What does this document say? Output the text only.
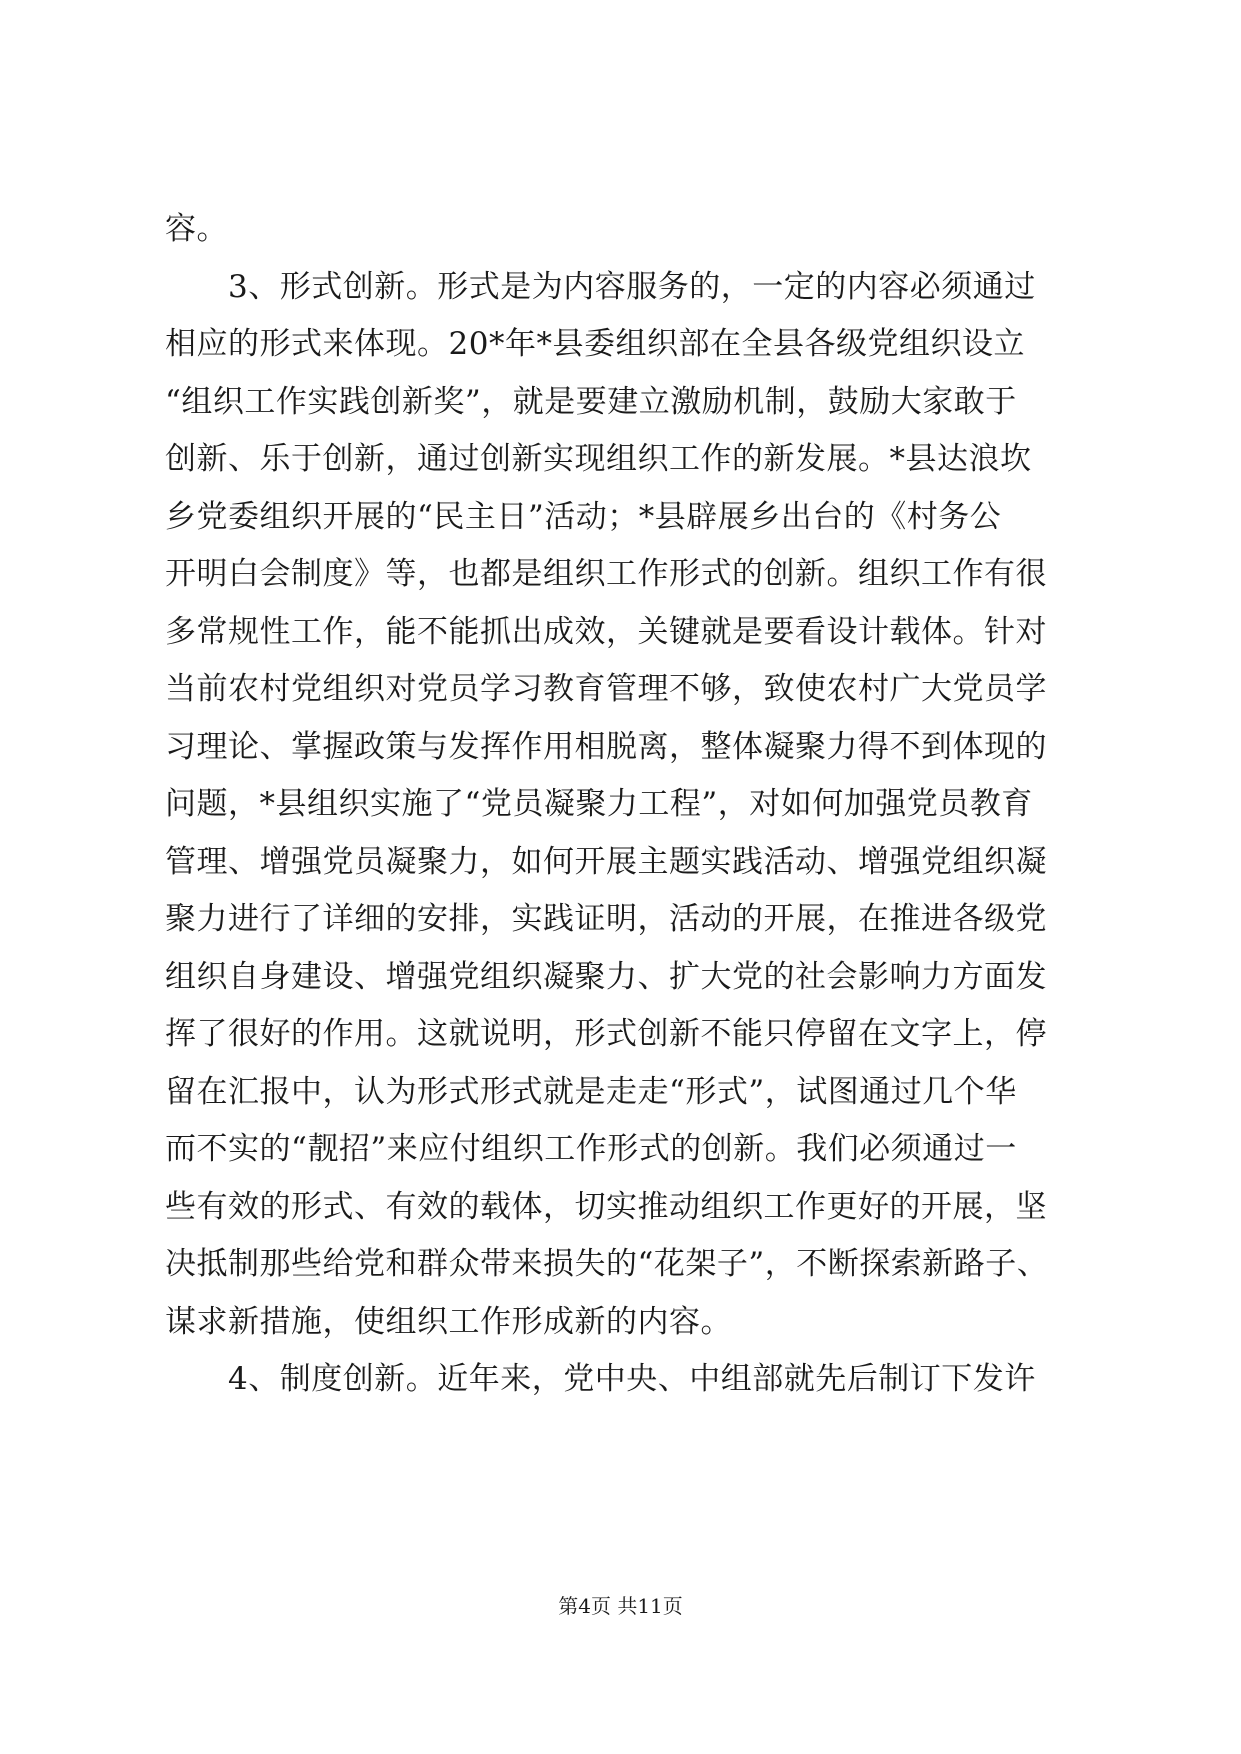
容。
　　3、形式创新。形式是为内容服务的，一定的内容必须通过
相应的形式来体现。20*年*县委组织部在全县各级党组织设立
“组织工作实践创新奖”，就是要建立激励机制，鼓励大家敢于
创新、乐于创新，通过创新实现组织工作的新发展。*县达浪坎
乡党委组织开展的“民主日”活动；*县辟展乡出台的《村务公
开明白会制度》等，也都是组织工作形式的创新。组织工作有很
多常规性工作，能不能抓出成效，关键就是要看设计载体。针对
当前农村党组织对党员学习教育管理不够，致使农村广大党员学
习理论、掌握政策与发挥作用相脱离，整体凝聚力得不到体现的
问题，*县组织实施了“党员凝聚力工程”，对如何加强党员教育
管理、增强党员凝聚力，如何开展主题实践活动、增强党组织凝
聚力进行了详细的安排，实践证明，活动的开展，在推进各级党
组织自身建设、增强党组织凝聚力、扩大党的社会影响力方面发
挥了很好的作用。这就说明，形式创新不能只停留在文字上，停
留在汇报中，认为形式形式就是走走“形式”，试图通过几个华
而不实的“靓招”来应付组织工作形式的创新。我们必须通过一
些有效的形式、有效的载体，切实推动组织工作更好的开展，坚
决抵制那些给党和群众带来损失的“花架子”，不断探索新路子、
谋求新措施，使组织工作形成新的内容。
　　4、制度创新。近年来，党中央、中组部就先后制订下发许
第4页 共11页
